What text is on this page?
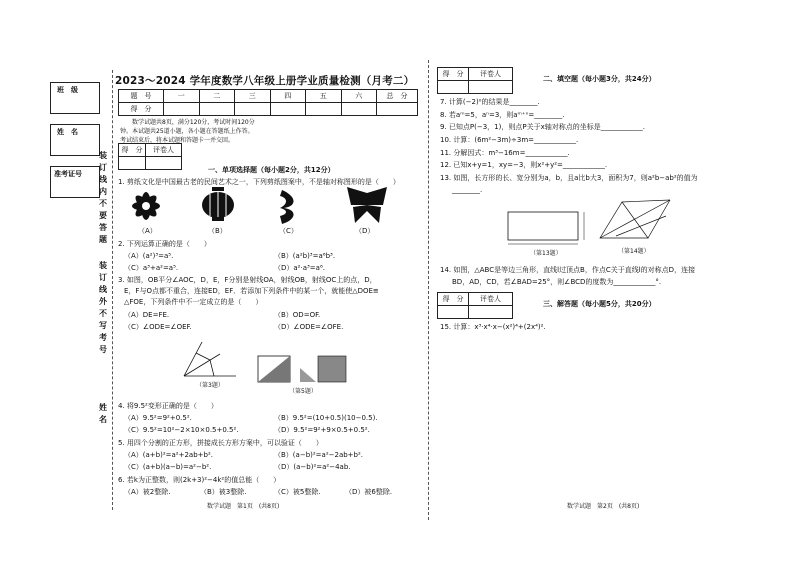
班　级
姓　名
准考证号
装订线内不要答题
装订线外不写考号
姓名
2023～2024 学年度数学八年级上册学业质量检测（月考二）
题　号	一	二	三	四	五	六	总　分
得　分							
数学试题共8页，满分120分，考试时间120分
钟。本试题共25道小题，各小题在答题纸上作答。
考试结束后，将本试题和答题卡一并交回。
得　分	评卷人

一、单项选择题（每小题2分，共12分）
1. 剪纸文化是中国最古老的民间艺术之一，下列剪纸图案中，不是轴对称图形的是（　　）
（A）	（B）	（C）	（D）
2. 下列运算正确的是（　　）
（A）(a²)³=a⁵.	（B）(a²b)³=a⁶b³.
（C）a³+a²=a⁵.	（D）a²·a³=a⁶.
3. 如图，OB平分∠AOC，D，E，F分别是射线OA，射线OB，射线OC上的点，D，
E，F与O点都不重合，连接ED，EF．若添加下列条件中的某一个，就能使△DOE≌
△FOE，下列条件中不一定成立的是（　　）
（A）DE=FE.	（B）OD=OF.
（C）∠ODE=∠OEF.	（D）∠ODE=∠OFE.
（第3题）
（第5题）
4. 将9.5²变形正确的是（　　）
（A）9.5²=9²+0.5².	（B）9.5²=(10+0.5)(10−0.5).
（C）9.5²=10²−2×10×0.5+0.5².	（D）9.5²=9²+9×0.5+0.5².
5. 用四个分割的正方形，拼接成长方形方案中，可以验证（　　）
（A）(a+b)²=a²+2ab+b².	（B）(a−b)²=a²−2ab+b².
（C）(a+b)(a−b)=a²−b².	（D）(a−b)²=a²−4ab.
6. 若k为正整数，则(2k+3)²−4k²的值总能（　　）
（A）被2整除.	（B）被3整除.	（C）被5整除.	（D）被6整除.
数学试题　第1页　(共8页)
得　分	评卷人

二、填空题（每小题3分，共24分）
7. 计算(−2)⁰的结果是________.
8. 若aᵐ=5，aⁿ=3，则aᵐ⁺ⁿ=________.
9. 已知点P(−3，1)，则点P关于x轴对称点的坐标是____________.
10. 计算：(6m²−3m)÷3m=____________.
11. 分解因式：m³−16m=____________.
12. 已知x+y=1，xy=−3，则x²+y²=____________.
13. 如图，长方形的长、宽分别为a，b，且a比b大3，面积为7，则a²b−ab²的值为
________.
（第13题）	（第14题）
14. 如图，△ABC是等边三角形，直线l过顶点B，作点C关于直线l的对称点D，连接
BD，AD，CD，若∠BAD=25°，则∠BCD的度数为____________°.
得　分	评卷人

三、解答题（每小题5分，共20分）
15. 计算：x³·x⁴·x−(x²)⁴+(2x⁴)².
数学试题　第2页　(共8页)
